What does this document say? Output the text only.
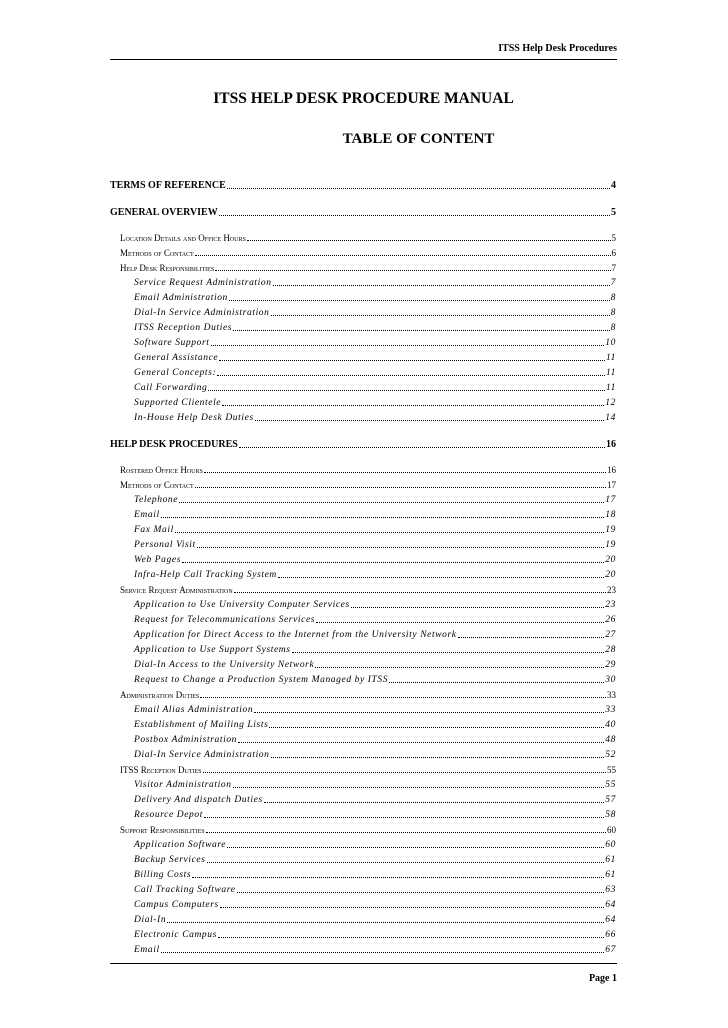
ITSS Help Desk Procedures
ITSS HELP DESK PROCEDURE MANUAL
TABLE OF CONTENT
TERMS OF REFERENCE	4
GENERAL OVERVIEW	5
Location Details and Office Hours	5
Methods of Contact	6
Help Desk Responsibilities	7
Service Request Administration	7
Email Administration	8
Dial-In Service Administration	8
ITSS Reception Duties	8
Software Support	10
General Assistance	11
General Concepts:	11
Call Forwarding	11
Supported Clientele	12
In-House Help Desk Duties	14
HELP DESK PROCEDURES	16
Rostered Office Hours	16
Methods of Contact	17
Telephone	17
Email	18
Fax Mail	19
Personal Visit	19
Web Pages	20
Infra-Help Call Tracking System	20
Service Request Administration	23
Application to Use University Computer Services	23
Request for Telecommunications Services	26
Application for Direct Access to the Internet from the University Network	27
Application to Use Support Systems	28
Dial-In Access to the University Network	29
Request to Change a Production System Managed by ITSS	30
Administration Duties	33
Email Alias Administration	33
Establishment of Mailing Lists	40
Postbox Administration	48
Dial-In Service Administration	52
ITSS Reception Duties	55
Visitor Administration	55
Delivery And dispatch Duties	57
Resource Depot	58
Support Responsibilities	60
Application Software	60
Backup Services	61
Billing Costs	61
Call Tracking Software	63
Campus Computers	64
Dial-In	64
Electronic Campus	66
Email	67
Page 1
